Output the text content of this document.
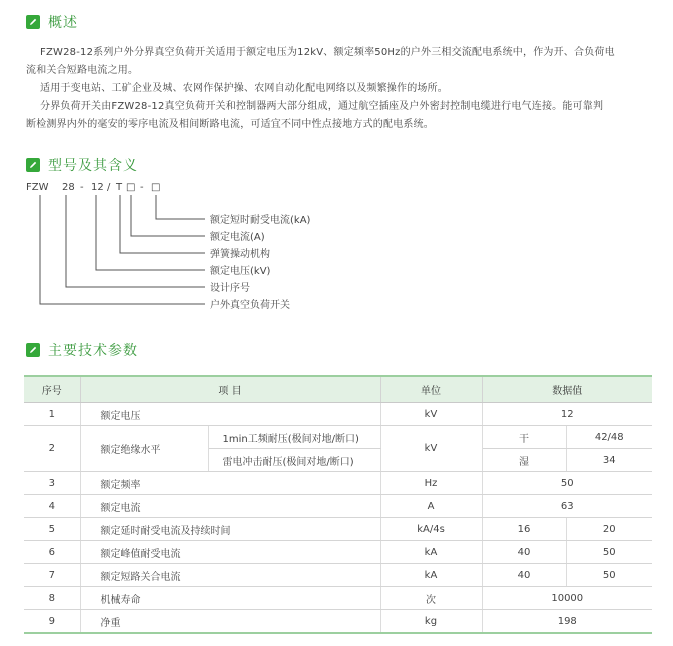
概述
FZW28-12系列户外分界真空负荷开关适用于额定电压为12kV、额定频率50Hz的户外三相交流配电系统中，作为开、合负荷电
流和关合短路电流之用。
适用于变电站、工矿企业及城、农网作保护操、农网自动化配电网络以及频繁操作的场所。
分界负荷开关由FZW28-12真空负荷开关和控制器两大部分组成，通过航空插座及户外密封控制电缆进行电气连接。能可靠判
断检测界内外的毫安的零序电流及相间断路电流，可适宜不同中性点接地方式的配电系统。
型号及其含义
FZW 28 - 12 / T □ - □
额定短时耐受电流(kA)
额定电流(A)
弹簧操动机构
额定电压(kV)
设计序号
户外真空负荷开关
主要技术参数
序号	项 目		单位	数据值	
1	额定电压		kV	12	
2	额定绝缘水平	1min工频耐压(极间对地/断口)	kV	干	42/48
		雷电冲击耐压(极间对地/断口)		湿	34
3	额定频率		Hz	50	
4	额定电流		A	63	
5	额定延时耐受电流及持续时间		kA/4s	16	20
6	额定峰值耐受电流		kA	40	50
7	额定短路关合电流		kA	40	50
8	机械寿命		次	10000	
9	净重		kg	198	
